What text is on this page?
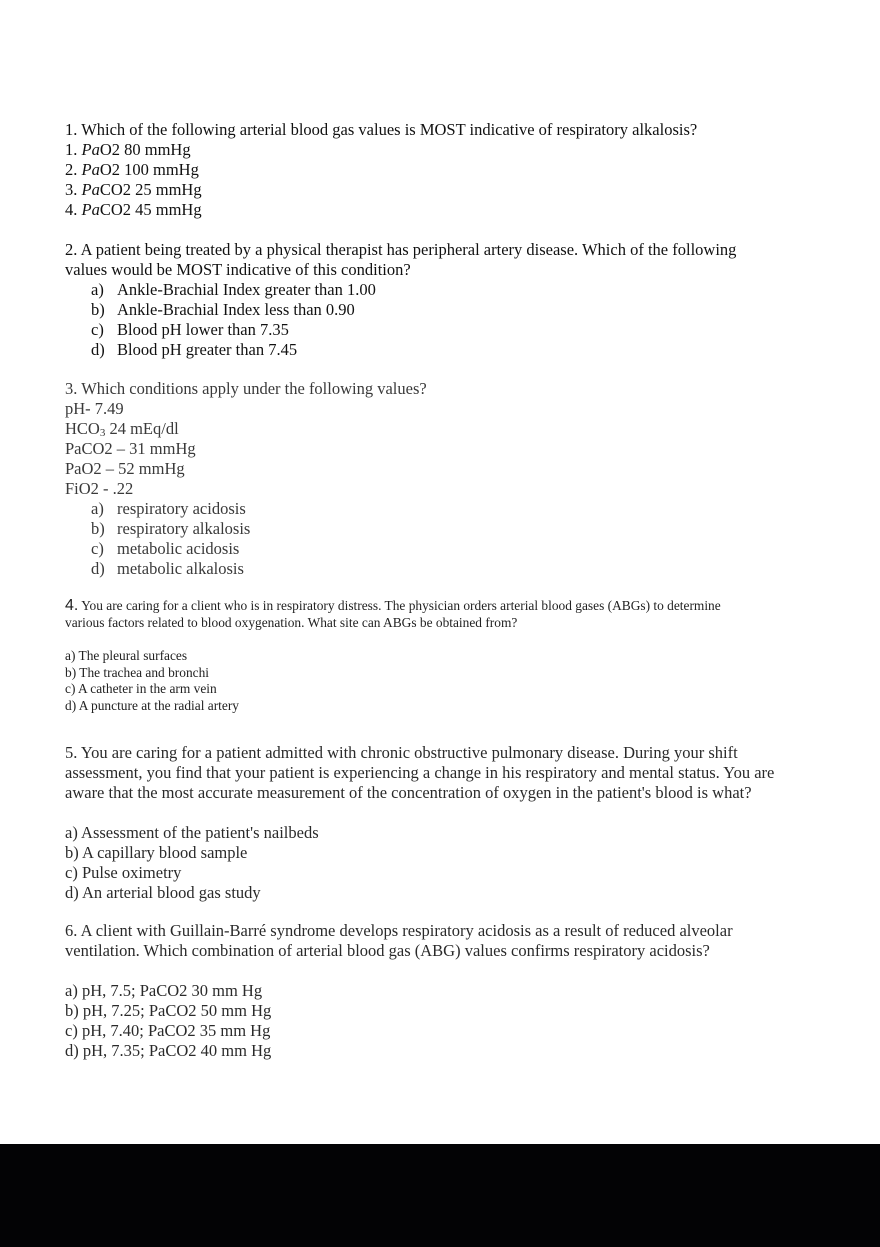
1. Which of the following arterial blood gas values is MOST indicative of respiratory alkalosis?
1. PaO2 80 mmHg
2. PaO2 100 mmHg
3. PaCO2 25 mmHg
4. PaCO2 45 mmHg
2. A patient being treated by a physical therapist has peripheral artery disease. Which of the following
values would be MOST indicative of this condition?
a) Ankle-Brachial Index greater than 1.00
b) Ankle-Brachial Index less than 0.90
c) Blood pH lower than 7.35
d) Blood pH greater than 7.45
3. Which conditions apply under the following values?
pH- 7.49
$HCO_3$ 24 mEq/dl
PaCO2 – 31 mmHg
PaO2 – 52 mmHg
FiO2 - .22
a) respiratory acidosis
b) respiratory alkalosis
c) metabolic acidosis
d) metabolic alkalosis
4. You are caring for a client who is in respiratory distress. The physician orders arterial blood gases (ABGs) to determine
various factors related to blood oxygenation. What site can ABGs be obtained from?
a) The pleural surfaces
b) The trachea and bronchi
c) A catheter in the arm vein
d) A puncture at the radial artery
5. You are caring for a patient admitted with chronic obstructive pulmonary disease. During your shift
assessment, you find that your patient is experiencing a change in his respiratory and mental status. You are
aware that the most accurate measurement of the concentration of oxygen in the patient's blood is what?
a) Assessment of the patient's nailbeds
b) A capillary blood sample
c) Pulse oximetry
d) An arterial blood gas study
6. A client with Guillain-Barré syndrome develops respiratory acidosis as a result of reduced alveolar
ventilation. Which combination of arterial blood gas (ABG) values confirms respiratory acidosis?
a) pH, 7.5; PaCO2 30 mm Hg
b) pH, 7.25; PaCO2 50 mm Hg
c) pH, 7.40; PaCO2 35 mm Hg
d) pH, 7.35; PaCO2 40 mm Hg
